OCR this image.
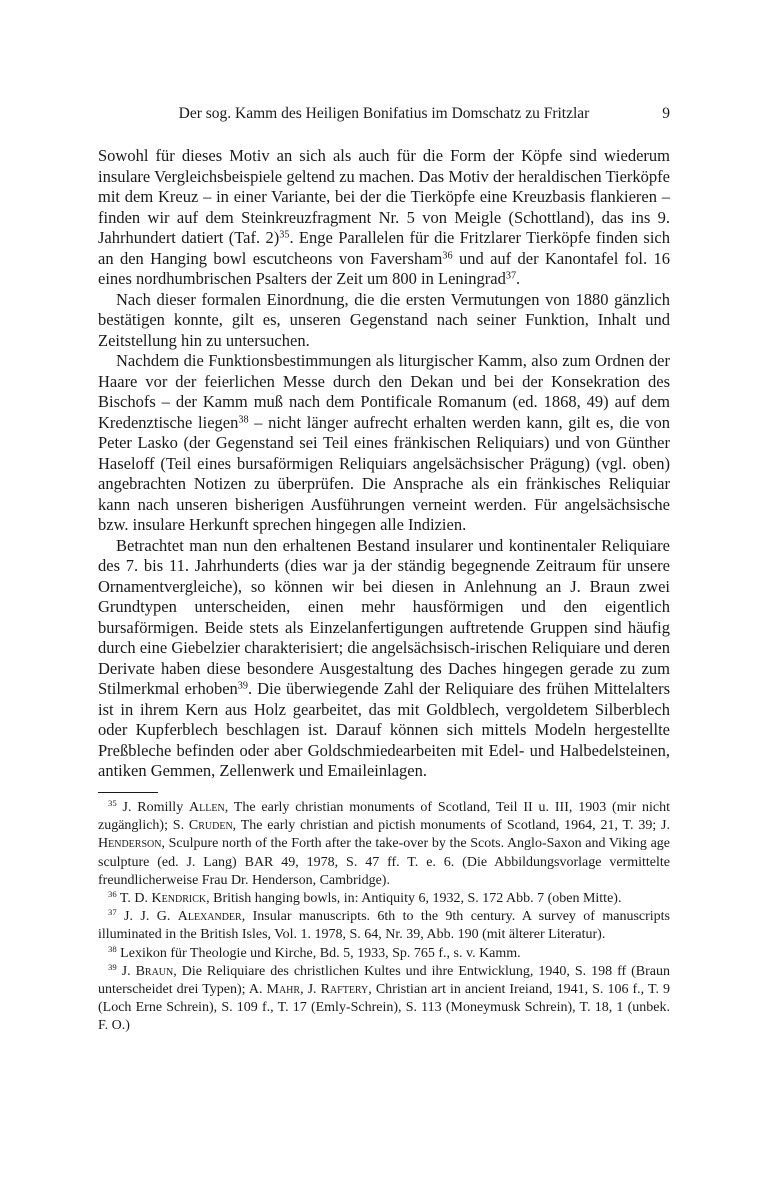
Der sog. Kamm des Heiligen Bonifatius im Domschatz zu Fritzlar	9

Sowohl für dieses Motiv an sich als auch für die Form der Köpfe sind wiederum insulare Vergleichsbeispiele geltend zu machen. Das Motiv der heraldischen Tierköpfe mit dem Kreuz – in einer Variante, bei der die Tierköpfe eine Kreuzbasis flankieren – finden wir auf dem Steinkreuzfragment Nr. 5 von Meigle (Schottland), das ins 9. Jahrhundert datiert (Taf. 2)$^{35}$. Enge Parallelen für die Fritzlarer Tierköpfe finden sich an den Hanging bowl escutcheons von Faversham$^{36}$ und auf der Kanontafel fol. 16 eines nordhumbrischen Psalters der Zeit um 800 in Leningrad$^{37}$.

Nach dieser formalen Einordnung, die die ersten Vermutungen von 1880 gänzlich bestätigen konnte, gilt es, unseren Gegenstand nach seiner Funktion, Inhalt und Zeitstellung hin zu untersuchen.

Nachdem die Funktionsbestimmungen als liturgischer Kamm, also zum Ordnen der Haare vor der feierlichen Messe durch den Dekan und bei der Konsekration des Bischofs – der Kamm muß nach dem Pontificale Romanum (ed. 1868, 49) auf dem Kredenztische liegen$^{38}$ – nicht länger aufrecht erhalten werden kann, gilt es, die von Peter Lasko (der Gegenstand sei Teil eines fränkischen Reliquiars) und von Günther Haseloff (Teil eines bursaförmigen Reliquiars angelsächsischer Prägung) (vgl. oben) angebrachten Notizen zu überprüfen. Die Ansprache als ein fränkisches Reliquiar kann nach unseren bisherigen Ausführungen verneint werden. Für angelsächsische bzw. insulare Herkunft sprechen hingegen alle Indizien.

Betrachtet man nun den erhaltenen Bestand insularer und kontinentaler Reliquiare des 7. bis 11. Jahrhunderts (dies war ja der ständig begegnende Zeitraum für unsere Ornamentvergleiche), so können wir bei diesen in Anlehnung an J. Braun zwei Grundtypen unterscheiden, einen mehr hausförmigen und den eigentlich bursaförmigen. Beide stets als Einzelanfertigungen auftretende Gruppen sind häufig durch eine Giebelzier charakterisiert; die angelsächsisch-irischen Reliquiare und deren Derivate haben diese besondere Ausgestaltung des Daches hingegen gerade zu zum Stilmerkmal erhoben$^{39}$. Die überwiegende Zahl der Reliquiare des frühen Mittelalters ist in ihrem Kern aus Holz gearbeitet, das mit Goldblech, vergoldetem Silberblech oder Kupferblech beschlagen ist. Darauf können sich mittels Modeln hergestellte Preßbleche befinden oder aber Goldschmiedearbeiten mit Edel- und Halbedelsteinen, antiken Gemmen, Zellenwerk und Emaileinlagen.

$^{35}$ J. Romilly Allen, The early christian monuments of Scotland, Teil II u. III, 1903 (mir nicht zugänglich); S. Cruden, The early christian and pictish monuments of Scotland, 1964, 21, T. 39; J. Henderson, Sculpure north of the Forth after the take-over by the Scots. Anglo-Saxon and Viking age sculpture (ed. J. Lang) BAR 49, 1978, S. 47 ff. T. e. 6. (Die Abbildungsvorlage vermittelte freundlicherweise Frau Dr. Henderson, Cambridge).

$^{36}$ T. D. Kendrick, British hanging bowls, in: Antiquity 6, 1932, S. 172 Abb. 7 (oben Mitte).

$^{37}$ J. J. G. Alexander, Insular manuscripts. 6th to the 9th century. A survey of manuscripts illuminated in the British Isles, Vol. 1. 1978, S. 64, Nr. 39, Abb. 190 (mit älterer Literatur).

$^{38}$ Lexikon für Theologie und Kirche, Bd. 5, 1933, Sp. 765 f., s. v. Kamm.

$^{39}$ J. Braun, Die Reliquiare des christlichen Kultes und ihre Entwicklung, 1940, S. 198 ff (Braun unterscheidet drei Typen); A. Mahr, J. Raftery, Christian art in ancient Ireiand, 1941, S. 106 f., T. 9 (Loch Erne Schrein), S. 109 f., T. 17 (Emly-Schrein), S. 113 (Moneymusk Schrein), T. 18, 1 (unbek. F. O.)
